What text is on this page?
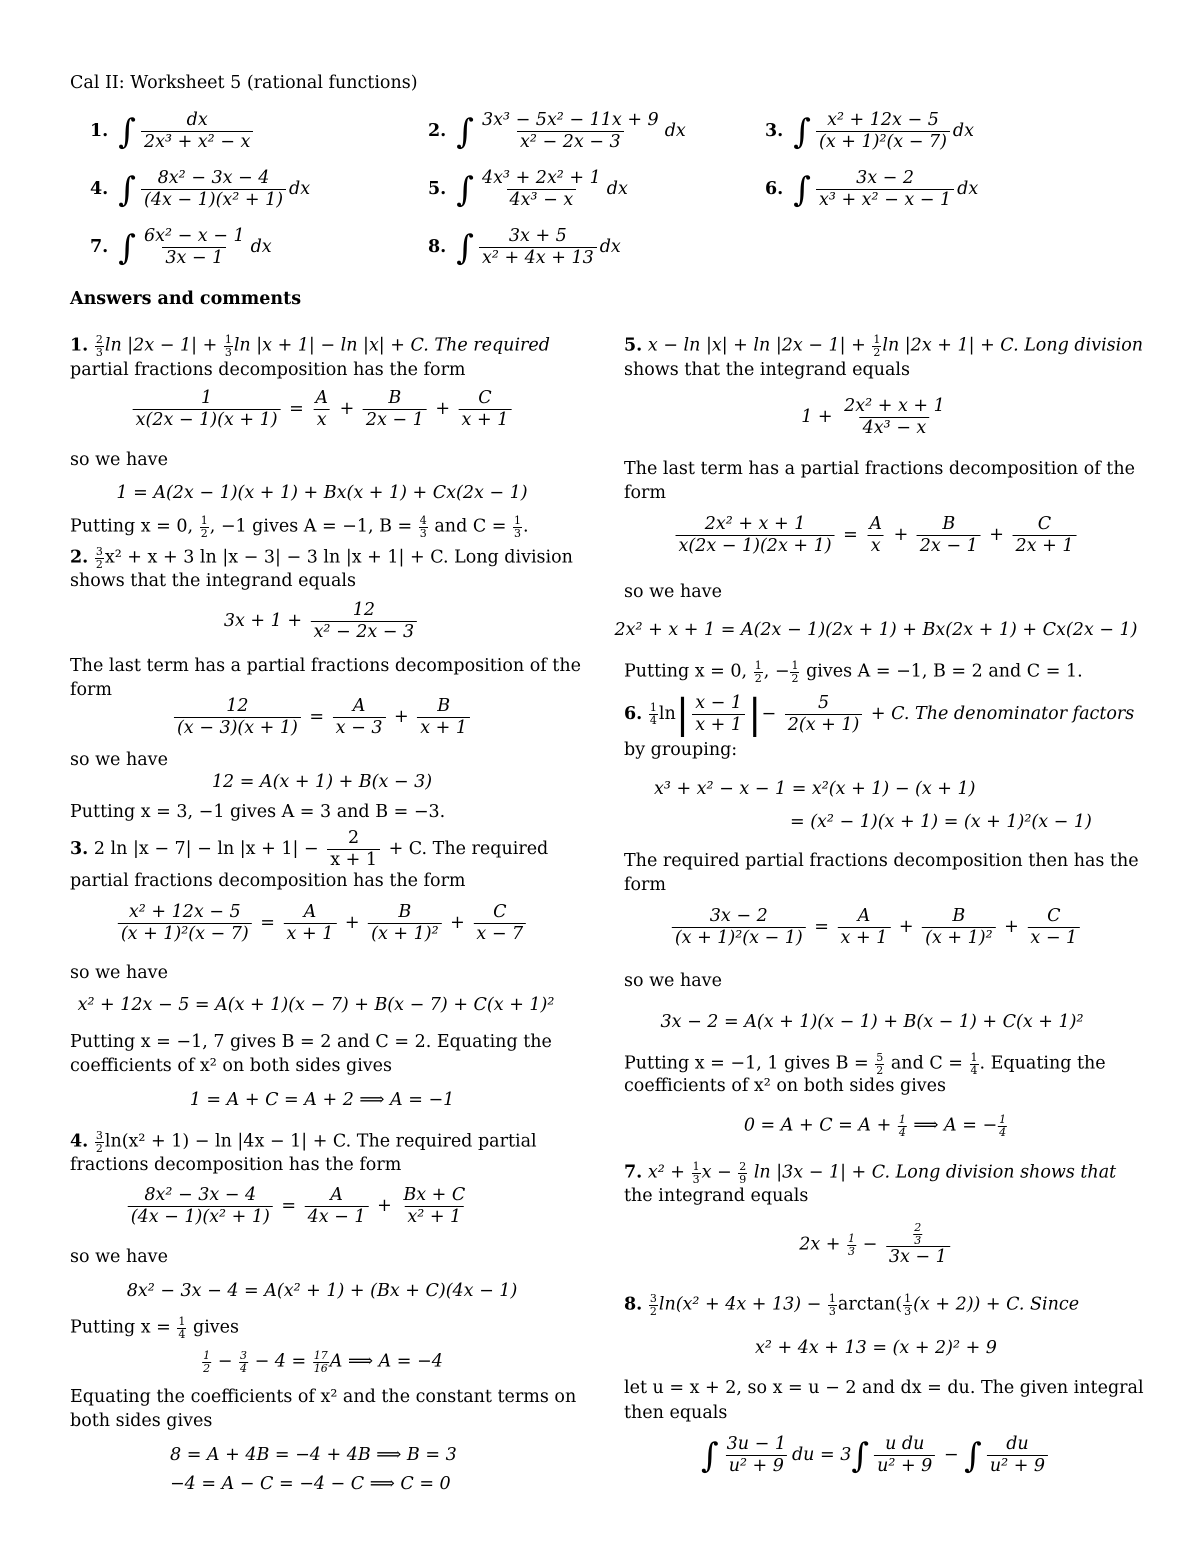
Cal II: Worksheet 5 (rational functions)
1. ∫ $\frac{dx}{\text{2x³ + x² − x}}$	2. ∫ $\frac{\text{3x³ − 5x² − 11x + 9}}{\text{x² − 2x − 3}}$ dx	3. ∫ $\frac{\text{x² + 12x − 5}}{\text{(x + 1)²(x − 7)}}$ dx
4. ∫ $\frac{\text{8x² − 3x − 4}}{\text{(4x − 1)(x² + 1)}}$ dx	5. ∫ $\frac{\text{4x³ + 2x² + 1}}{\text{4x³ − x}}$ dx	6. ∫ $\frac{3x - 2}{\text{x³ + x² − x − 1}}$ dx
7. ∫ $\frac{\text{6x² − x − 1}}{3x - 1}$ dx	8. ∫ $\frac{3x + 5}{\text{x² + 4x + 13}}$ dx
Answers and comments
1. $\frac{2}{3}$ $\ln |2x - 1| + \frac{1}{3}$ ln |x + 1| − ln |x| + C. The required
partial fractions decomposition has the form
$\frac{1}{x(2x - 1)(x + 1)} = \frac{A}{x} + \frac{B}{2x - 1} + \frac{C}{x + 1}$
so we have
1 = A(2x − 1)(x + 1) + Bx(x + 1) + Cx(2x − 1)
Putting x = 0, $\frac{1}{2}$ , −1 gives A = −1, $B = \frac{4}{3}$ and $C = \frac{1}{3}$ .
2. $\frac{3}{2} x^2 + x + 3$ ln |x − 3| − 3 ln |x + 1| + C. Long division
shows that the integrand equals
$3x + 1 + \frac{12}{\text{x² − 2x − 3}}$
The last term has a partial fractions decomposition of the
form
$\frac{12}{(x - 3)(x + 1)} = \frac{A}{x - 3} + \frac{B}{x + 1}$
so we have
12 = A(x + 1) + B(x − 3)
Putting x = 3, −1 gives A = 3 and B = −3.
3. 2 $\ln |x - 7| - \ln |x + 1| - \frac{2}{x + 1} + C$. The required
partial fractions decomposition has the form
$\frac{\text{x² + 12x − 5}}{\text{(x + 1)²(x − 7)}} = \frac{A}{x + 1} + \frac{B}{\text{(x + 1)²}} + \frac{C}{x - 7}$
so we have
x² + 12x − 5 = A(x + 1)(x − 7) + B(x − 7) + C(x + 1)²
Putting x = −1, 7 gives B = 2 and C = 2. Equating the
coefficients of x² on both sides gives
1 = A + C = A + 2 ⟹ A = −1
4. $\frac{3}{2} \ln(x^2 + 1) - \ln |4x - 1| + C$. The required partial
fractions decomposition has the form
$\frac{\text{8x² − 3x − 4}}{\text{(4x − 1)(x² + 1)}} = \frac{A}{4x - 1} + \frac{Bx + C}{\text{x² + 1}}$
so we have
8x² − 3x − 4 = A(x² + 1) + (Bx + C)(4x − 1)
Putting $x = \frac{1}{4}$ gives
$\frac{1}{2} - \frac{3}{4} - 4 = \frac{17}{16}$ A ⟹ A = −4
Equating the coefficients of x² and the constant terms on
both sides gives
8 = A + 4B = −4 + 4B ⟹ B = 3
−4 = A − C = −4 − C ⟹ C = 0
5. $x - \ln |x| + \ln |2x - 1| + \frac{1}{2}$ ln |2x + 1| + C. Long division
shows that the integrand equals
$1 + \frac{\text{2x² + x + 1}}{\text{4x³ − x}}$
The last term has a partial fractions decomposition of the
form
$\frac{\text{2x² + x + 1}}{x(2x - 1)(2x + 1)} = \frac{A}{x} + \frac{B}{2x - 1} + \frac{C}{2x + 1}$
so we have
2x² + x + 1 = A(2x − 1)(2x + 1) + Bx(2x + 1) + Cx(2x − 1)
Putting x = 0, $\frac{1}{2}$ , − $\frac{1}{2}$ gives A = −1, B = 2 and C = 1.
6. $\frac{1}{4} \ln| \frac{x - 1}{x + 1}$ |− $\frac{5}{2(x + 1)} + C$. The denominator factors
by grouping:
x³ + x² − x − 1 = x²(x + 1) − (x + 1)
= (x² − 1)(x + 1) = (x + 1)²(x − 1)
The required partial fractions decomposition then has the
form
$\frac{3x - 2}{\text{(x + 1)²(x − 1)}} = \frac{A}{x + 1} + \frac{B}{\text{(x + 1)²}} + \frac{C}{x - 1}$
so we have
3x − 2 = A(x + 1)(x − 1) + B(x − 1) + C(x + 1)²
Putting x = −1, 1 gives $B = \frac{5}{2}$ and $C = \frac{1}{4}$ . Equating the
coefficients of x² on both sides gives
$0 = A + C = A + \frac{1}{4}$ ⟹ A = − $\frac{1}{4}$
7. $x^2 + \frac{1}{3}$ $x - \frac{2}{9}$ ln |3x − 1| + C. Long division shows that
the integrand equals
$2x + \frac{1}{3} - \frac{\frac{2}{3}}{3x - 1}$
8. $\frac{3}{2} \ln(x^2 + 4x + 13) - \frac{1}{3} \arctan( \frac{1}{3} (x + 2)) + C$. Since
x² + 4x + 13 = (x + 2)² + 9
let u = x + 2, so x = u − 2 and dx = du. The given integral
then equals
∫ $\frac{3u - 1}{\text{u² + 9}}$ du = $3\int \frac{\text{u du}}{\text{u² + 9}}$ − ∫ $\frac{du}{\text{u² + 9}}$
